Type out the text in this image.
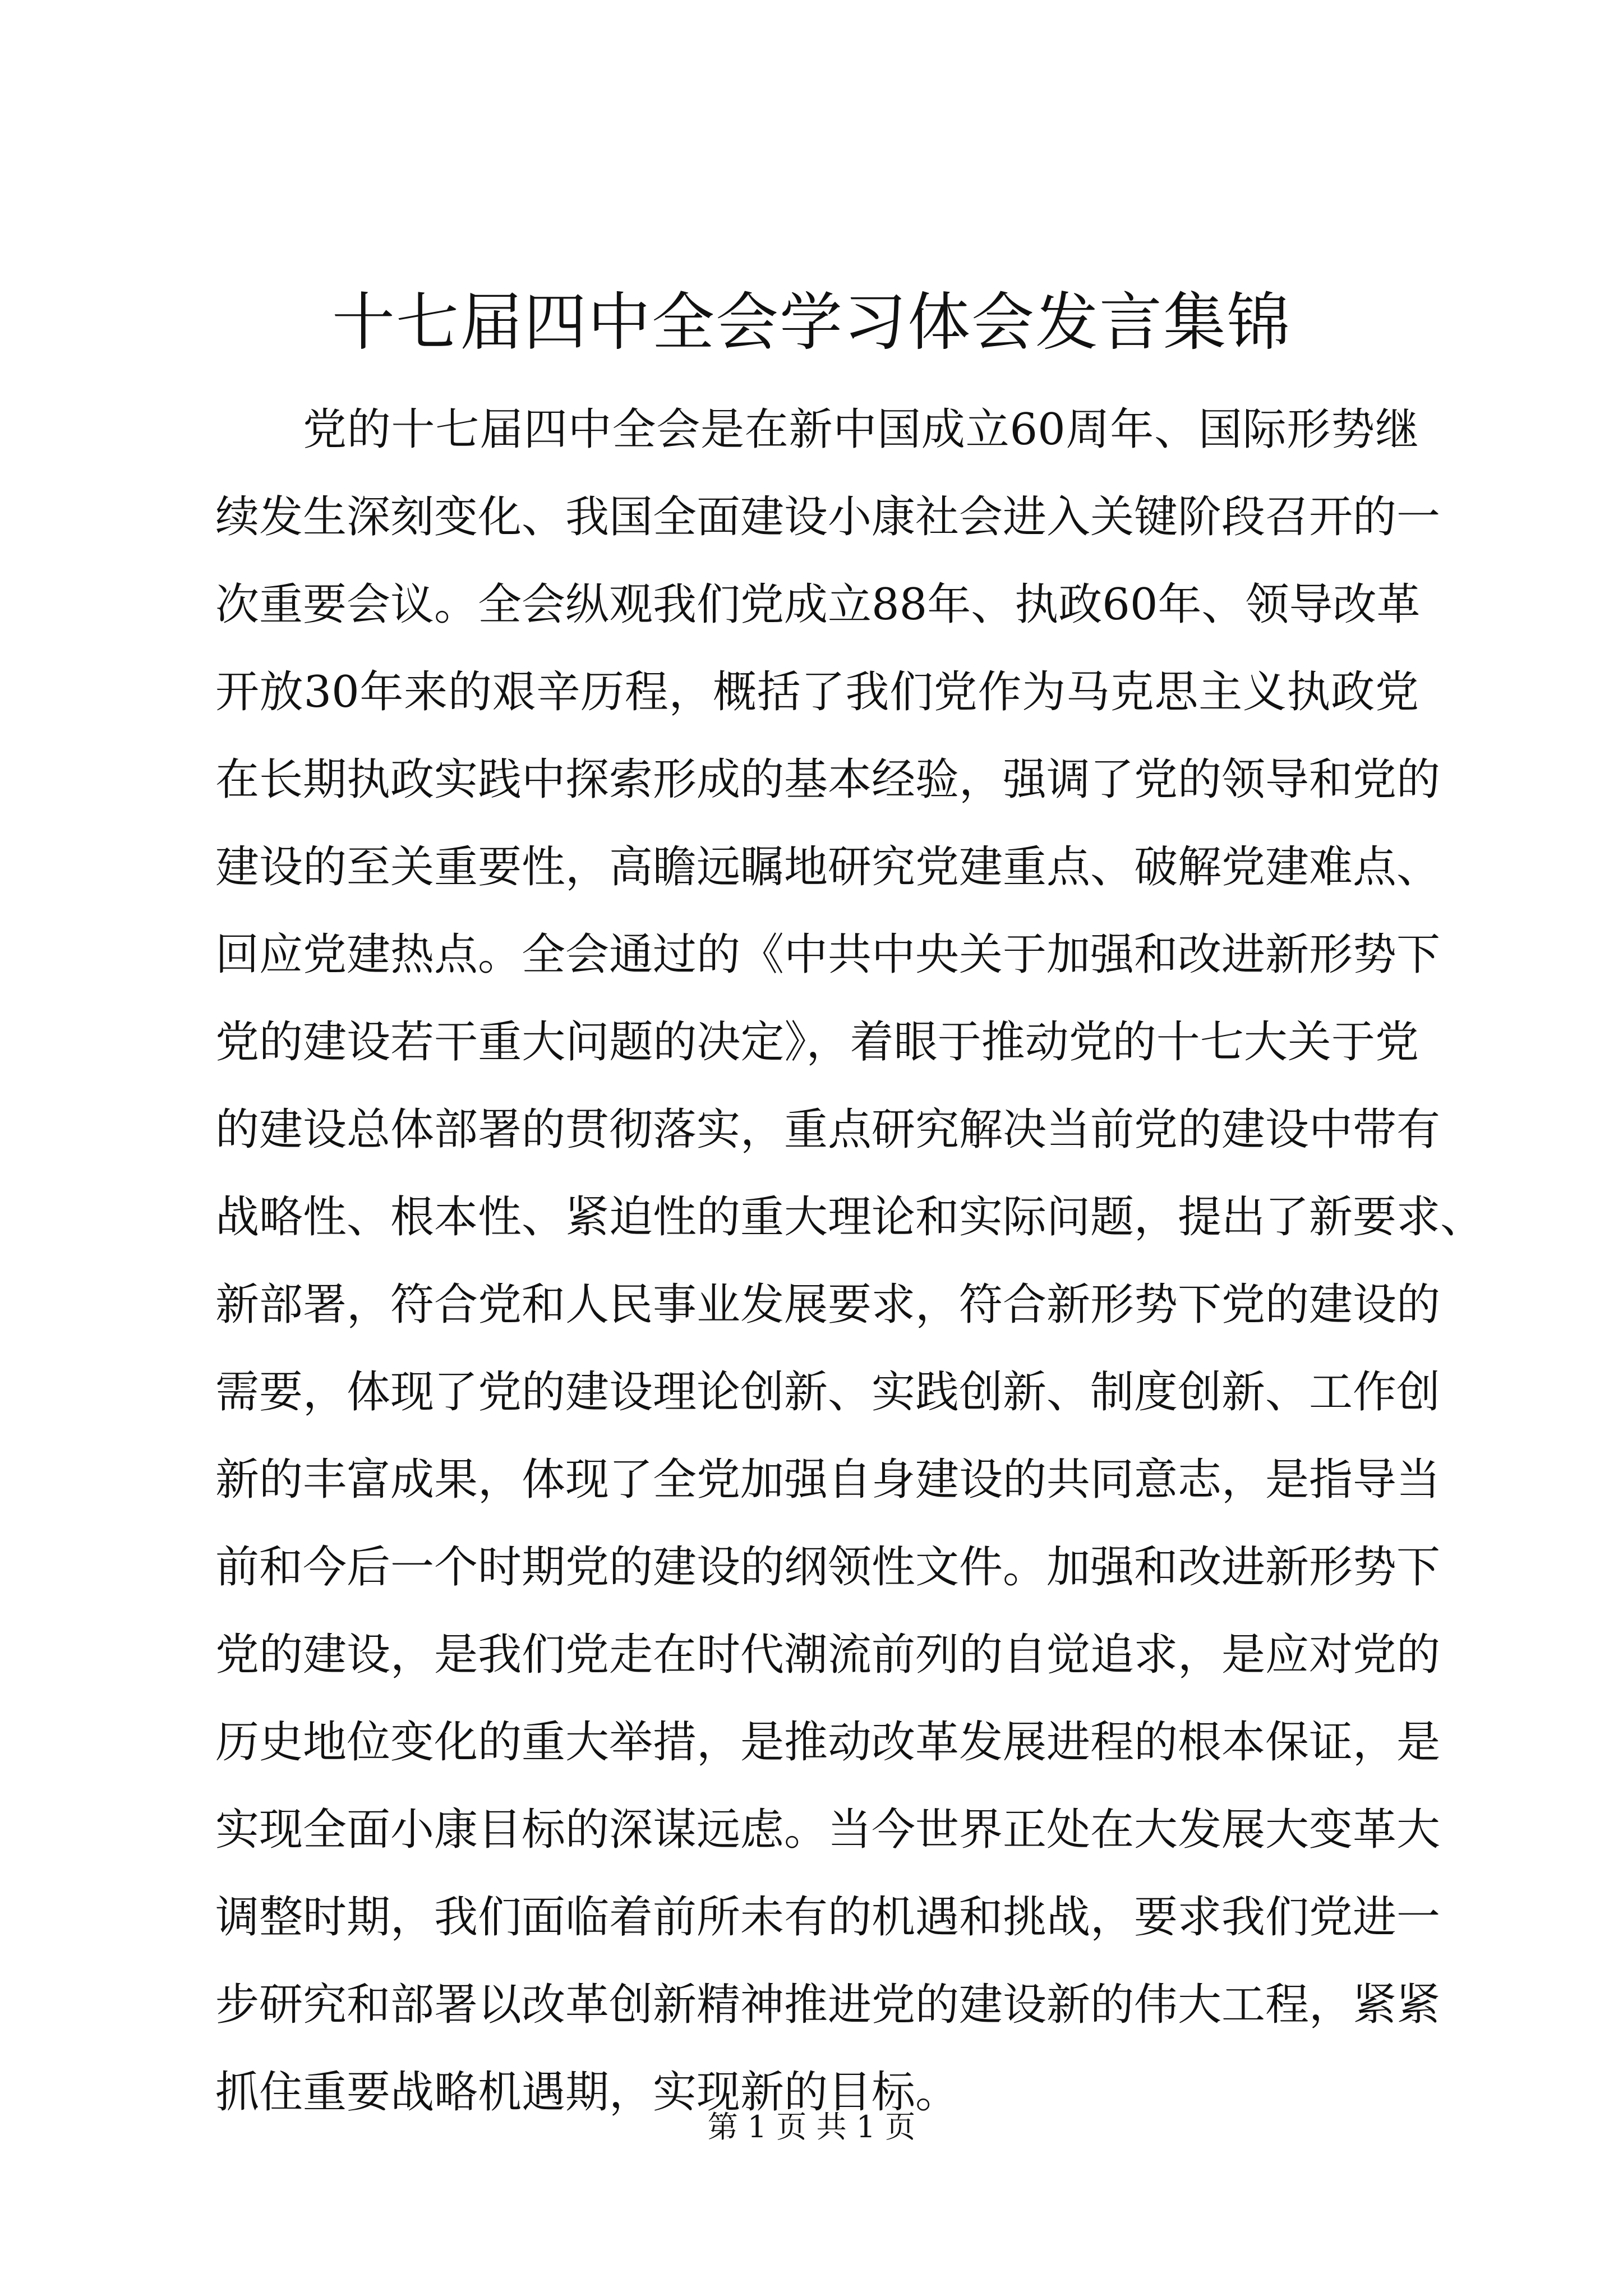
十七届四中全会学习体会发言集锦
党的十七届四中全会是在新中国成立60周年、国际形势继
续发生深刻变化、我国全面建设小康社会进入关键阶段召开的一
次重要会议。全会纵观我们党成立88年、执政60年、领导改革
开放30年来的艰辛历程，概括了我们党作为马克思主义执政党
在长期执政实践中探索形成的基本经验，强调了党的领导和党的
建设的至关重要性，高瞻远瞩地研究党建重点、破解党建难点、
回应党建热点。全会通过的《中共中央关于加强和改进新形势下
党的建设若干重大问题的决定》，着眼于推动党的十七大关于党
的建设总体部署的贯彻落实，重点研究解决当前党的建设中带有
战略性、根本性、紧迫性的重大理论和实际问题，提出了新要求、
新部署，符合党和人民事业发展要求，符合新形势下党的建设的
需要，体现了党的建设理论创新、实践创新、制度创新、工作创
新的丰富成果，体现了全党加强自身建设的共同意志，是指导当
前和今后一个时期党的建设的纲领性文件。加强和改进新形势下
党的建设，是我们党走在时代潮流前列的自觉追求，是应对党的
历史地位变化的重大举措，是推动改革发展进程的根本保证，是
实现全面小康目标的深谋远虑。当今世界正处在大发展大变革大
调整时期，我们面临着前所未有的机遇和挑战，要求我们党进一
步研究和部署以改革创新精神推进党的建设新的伟大工程，紧紧
抓住重要战略机遇期，实现新的目标。
第 1 页 共 1 页
